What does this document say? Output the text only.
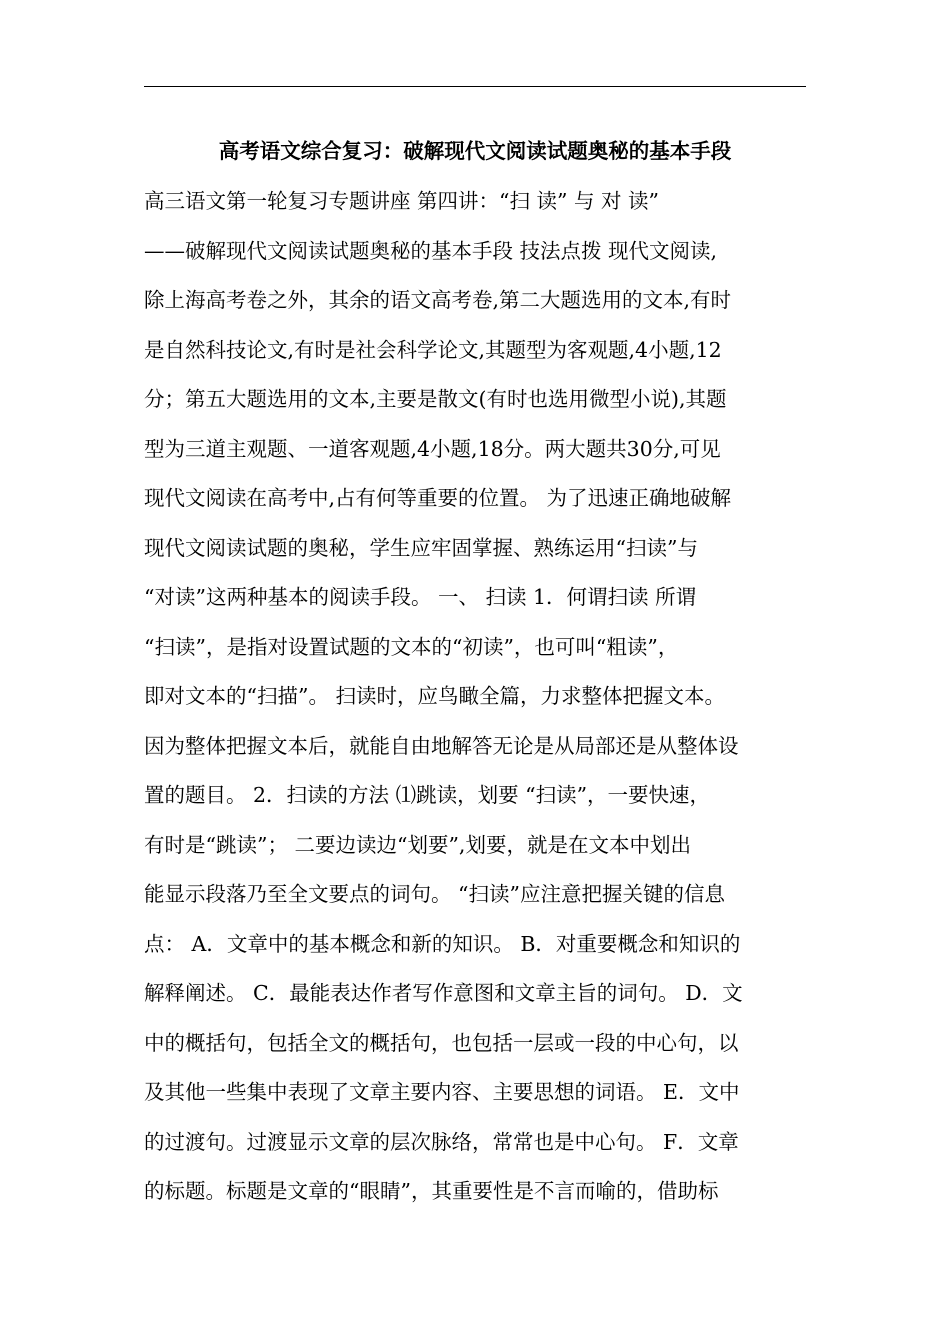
高考语文综合复习：破解现代文阅读试题奥秘的基本手段
高三语文第一轮复习专题讲座 第四讲：“扫 读” 与 对 读”
——破解现代文阅读试题奥秘的基本手段 技法点拨 现代文阅读,
除上海高考卷之外，其余的语文高考卷,第二大题选用的文本,有时
是自然科技论文,有时是社会科学论文,其题型为客观题,4小题,12
分；第五大题选用的文本,主要是散文(有时也选用微型小说),其题
型为三道主观题、一道客观题,4小题,18分。两大题共30分,可见
现代文阅读在高考中,占有何等重要的位置。 为了迅速正确地破解
现代文阅读试题的奥秘，学生应牢固掌握、熟练运用“扫读”与
“对读”这两种基本的阅读手段。 一、 扫读 1．何谓扫读 所谓
“扫读”，是指对设置试题的文本的“初读”，也可叫“粗读”，
即对文本的“扫描”。 扫读时，应鸟瞰全篇，力求整体把握文本。
因为整体把握文本后，就能自由地解答无论是从局部还是从整体设
置的题目。 2．扫读的方法 ⑴跳读，划要 “扫读”，一要快速，
有时是“跳读”； 二要边读边“划要”,划要，就是在文本中划出
能显示段落乃至全文要点的词句。 “扫读”应注意把握关键的信息
点： A．文章中的基本概念和新的知识。 B．对重要概念和知识的
解释阐述。 C．最能表达作者写作意图和文章主旨的词句。 D．文
中的概括句，包括全文的概括句，也包括一层或一段的中心句，以
及其他一些集中表现了文章主要内容、主要思想的词语。 E．文中
的过渡句。过渡显示文章的层次脉络，常常也是中心句。 F．文章
的标题。标题是文章的“眼睛”，其重要性是不言而喻的，借助标
